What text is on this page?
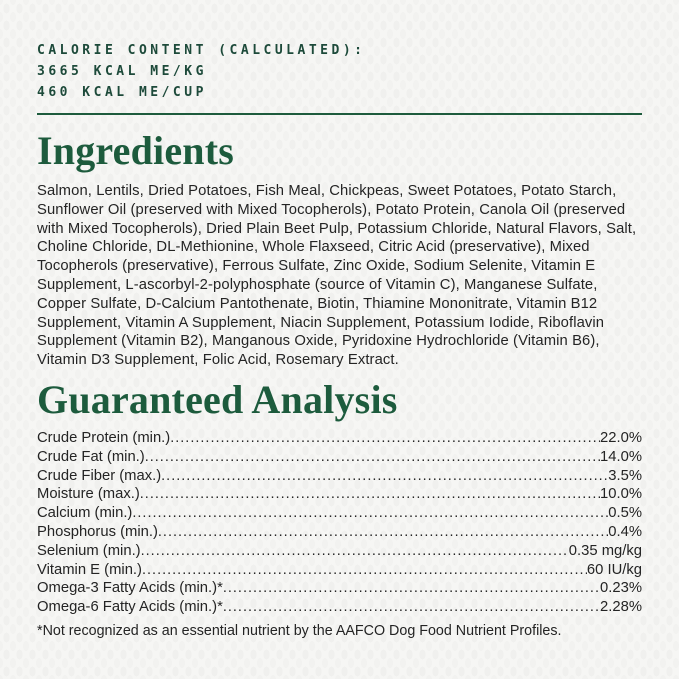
CALORIE CONTENT (CALCULATED):
3665 KCAL ME/KG
460 KCAL ME/CUP
Ingredients

Salmon, Lentils, Dried Potatoes, Fish Meal, Chickpeas, Sweet Potatoes, Potato Starch, Sunflower Oil (preserved with Mixed Tocopherols), Potato Protein, Canola Oil (preserved with Mixed Tocopherols), Dried Plain Beet Pulp, Potassium Chloride, Natural Flavors, Salt, Choline Chloride, DL-Methionine, Whole Flaxseed, Citric Acid (preservative), Mixed Tocopherols (preservative), Ferrous Sulfate, Zinc Oxide, Sodium Selenite, Vitamin E Supplement, L-ascorbyl-2-polyphosphate (source of Vitamin C), Manganese Sulfate, Copper Sulfate, D-Calcium Pantothenate, Biotin, Thiamine Mononitrate, Vitamin B12 Supplement, Vitamin A Supplement, Niacin Supplement, Potassium Iodide, Riboflavin Supplement (Vitamin B2), Manganous Oxide, Pyridoxine Hydrochloride (Vitamin B6), Vitamin D3 Supplement, Folic Acid, Rosemary Extract.

Guaranteed Analysis
Crude Protein (min.) .....	22.0%
Crude Fat (min.) .....	14.0%
Crude Fiber (max.) .....	3.5%
Moisture (max.) .....	10.0%
Calcium (min.) .....	0.5%
Phosphorus (min.) .....	0.4%
Selenium (min.) .....	0.35 mg/kg
Vitamin E (min.) .....	60 IU/kg
Omega-3 Fatty Acids (min.)* .....	0.23%
Omega-6 Fatty Acids (min.)* .....	2.28%
*Not recognized as an essential nutrient by the AAFCO Dog Food Nutrient Profiles.
